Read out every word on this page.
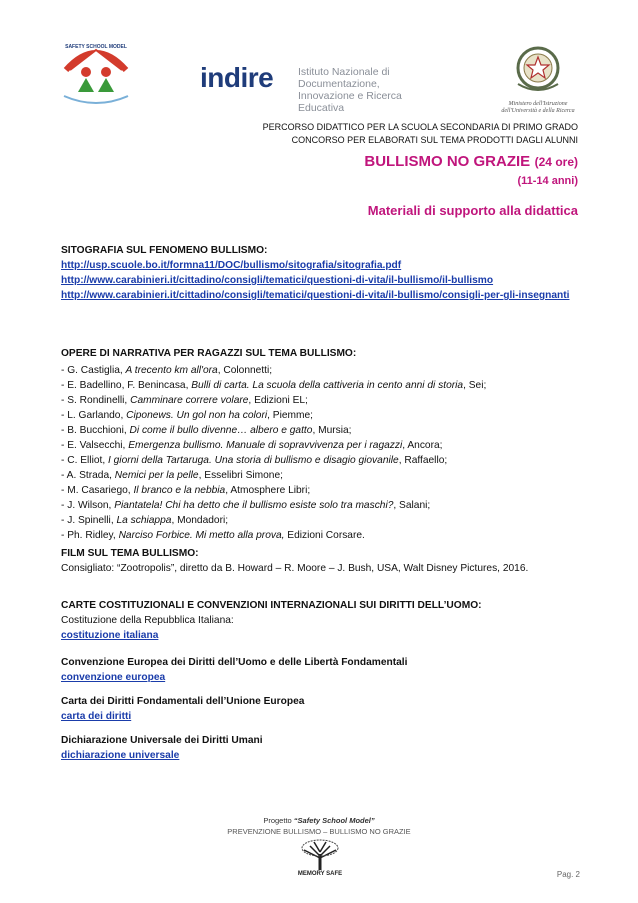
SAFETY SCHOOL MODEL
indire Istituto Nazionale di Documentazione,
Innovazione e Ricerca Educativa	Ministero dell'Istruzione
dell'Università e della Ricerca
PERCORSO DIDATTICO PER LA SCUOLA SECONDARIA DI PRIMO GRADO
CONCORSO PER ELABORATI SUL TEMA PRODOTTI DAGLI ALUNNI
BULLISMO NO GRAZIE (24 ore)
(11-14 anni)
Materiali di supporto alla didattica
SITOGRAFIA SUL FENOMENO BULLISMO:
http://usp.scuole.bo.it/formna11/DOC/bullismo/sitografia/sitografia.pdf
http://www.carabinieri.it/cittadino/consigli/tematici/questioni-di-vita/il-bullismo/il-bullismo
http://www.carabinieri.it/cittadino/consigli/tematici/questioni-di-vita/il-bullismo/consigli-per-gli-insegnanti
OPERE DI NARRATIVA PER RAGAZZI SUL TEMA BULLISMO:
- G. Castiglia, A trecento km all'ora, Colonnetti;
- E. Badellino, F. Benincasa, Bulli di carta. La scuola della cattiveria in cento anni di storia, Sei;
- S. Rondinelli, Camminare correre volare, Edizioni EL;
- L. Garlando, Ciponews. Un gol non ha colori, Piemme;
- B. Bucchioni, Di come il bullo divenne… albero e gatto, Mursia;
- E. Valsecchi, Emergenza bullismo. Manuale di sopravvivenza per i ragazzi, Ancora;
- C. Elliot, I giorni della Tartaruga. Una storia di bullismo e disagio giovanile, Raffaello;
- A. Strada, Nemici per la pelle, Esselibri Simone;
- M. Casariego, Il branco e la nebbia, Atmosphere Libri;
- J. Wilson, Piantatela! Chi ha detto che il bullismo esiste solo tra maschi?, Salani;
- J. Spinelli, La schiappa, Mondadori;
- Ph. Ridley, Narciso Forbice. Mi metto alla prova, Edizioni Corsare.
FILM SUL TEMA BULLISMO:
Consigliato: “Zootropolis”, diretto da B. Howard – R. Moore – J. Bush, USA, Walt Disney Pictures, 2016.
CARTE COSTITUZIONALI E CONVENZIONI INTERNAZIONALI SUI DIRITTI DELL’UOMO:
Costituzione della Repubblica Italiana:
costituzione italiana
Convenzione Europea dei Diritti dell’Uomo e delle Libertà Fondamentali
convenzione europea
Carta dei Diritti Fondamentali dell’Unione Europea
carta dei diritti
Dichiarazione Universale dei Diritti Umani
dichiarazione universale
Progetto “Safety School Model”
PREVENZIONE BULLISMO – BULLISMO NO GRAZIE
MEMORY SAFE	Pag. 2
